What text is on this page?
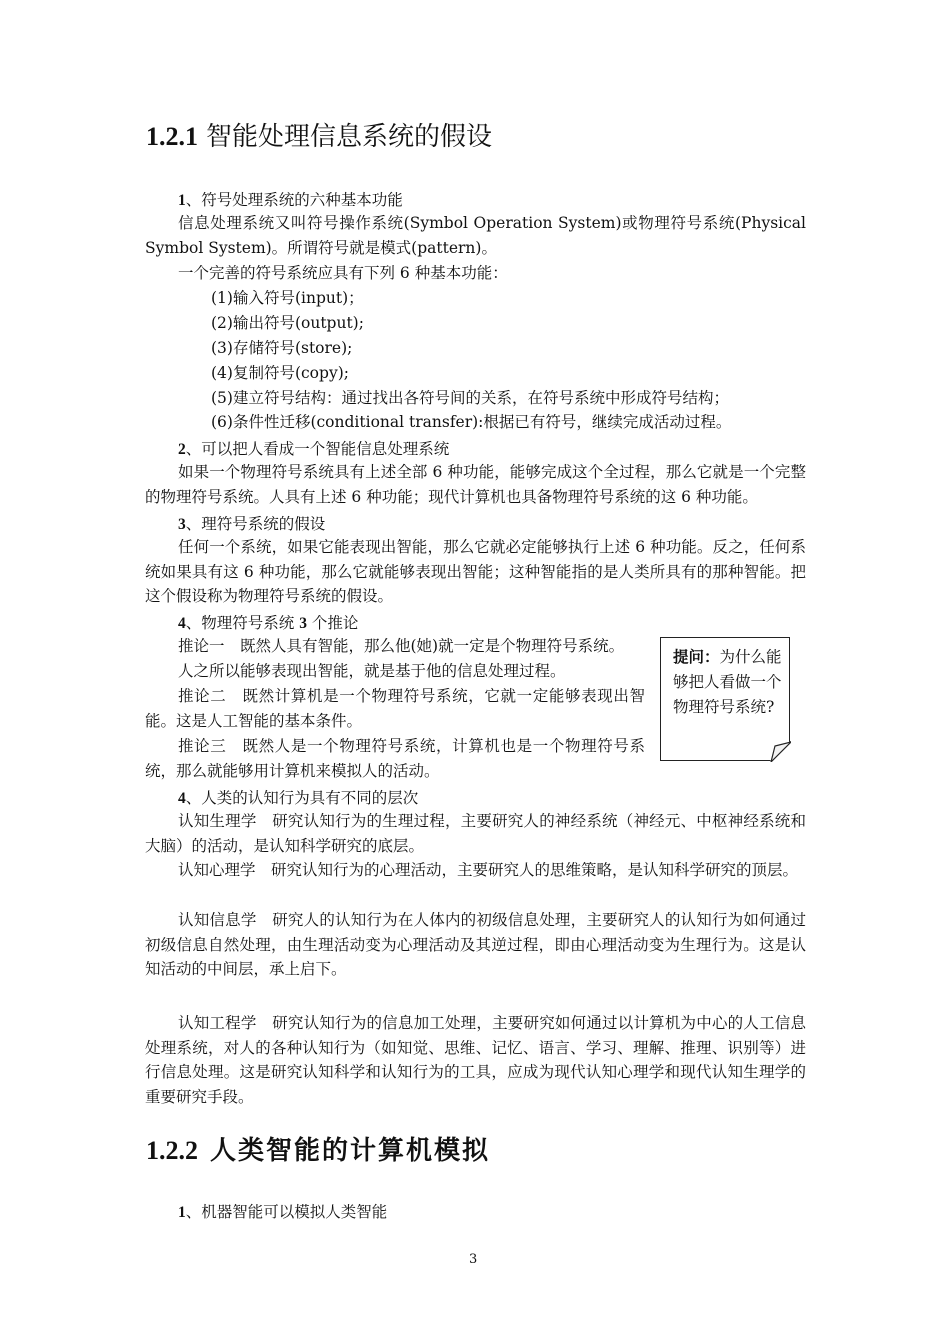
1.2.1 智能处理信息系统的假设
1、符号处理系统的六种基本功能
信息处理系统又叫符号操作系统(Symbol Operation System)或物理符号系统(Physical Symbol System)。所谓符号就是模式(pattern)。
一个完善的符号系统应具有下列 6 种基本功能：
(1)输入符号(input)；
(2)输出符号(output);
(3)存储符号(store);
(4)复制符号(copy);
(5)建立符号结构：通过找出各符号间的关系，在符号系统中形成符号结构；
(6)条件性迁移(conditional transfer):根据已有符号，继续完成活动过程。
2、可以把人看成一个智能信息处理系统
如果一个物理符号系统具有上述全部 6 种功能，能够完成这个全过程，那么它就是一个完整的物理符号系统。人具有上述 6 种功能；现代计算机也具备物理符号系统的这 6 种功能。
3、理符号系统的假设
任何一个系统，如果它能表现出智能，那么它就必定能够执行上述 6 种功能。反之，任何系统如果具有这 6 种功能，那么它就能够表现出智能；这种智能指的是人类所具有的那种智能。把这个假设称为物理符号系统的假设。
4、物理符号系统 3 个推论
推论一　既然人具有智能，那么他(她)就一定是个物理符号系统。
人之所以能够表现出智能，就是基于他的信息处理过程。
推论二　既然计算机是一个物理符号系统，它就一定能够表现出智能。这是人工智能的基本条件。
推论三　既然人是一个物理符号系统，计算机也是一个物理符号系统，那么就能够用计算机来模拟人的活动。
提问：为什么能够把人看做一个物理符号系统?
4、人类的认知行为具有不同的层次
认知生理学　研究认知行为的生理过程，主要研究人的神经系统（神经元、中枢神经系统和大脑）的活动，是认知科学研究的底层。
认知心理学　研究认知行为的心理活动，主要研究人的思维策略，是认知科学研究的顶层。
认知信息学　研究人的认知行为在人体内的初级信息处理，主要研究人的认知行为如何通过初级信息自然处理，由生理活动变为心理活动及其逆过程，即由心理活动变为生理行为。这是认知活动的中间层，承上启下。
认知工程学　研究认知行为的信息加工处理，主要研究如何通过以计算机为中心的人工信息处理系统，对人的各种认知行为（如知觉、思维、记忆、语言、学习、理解、推理、识别等）进行信息处理。这是研究认知科学和认知行为的工具，应成为现代认知心理学和现代认知生理学的重要研究手段。
1.2.2 人类智能的计算机模拟
1、机器智能可以模拟人类智能
3
